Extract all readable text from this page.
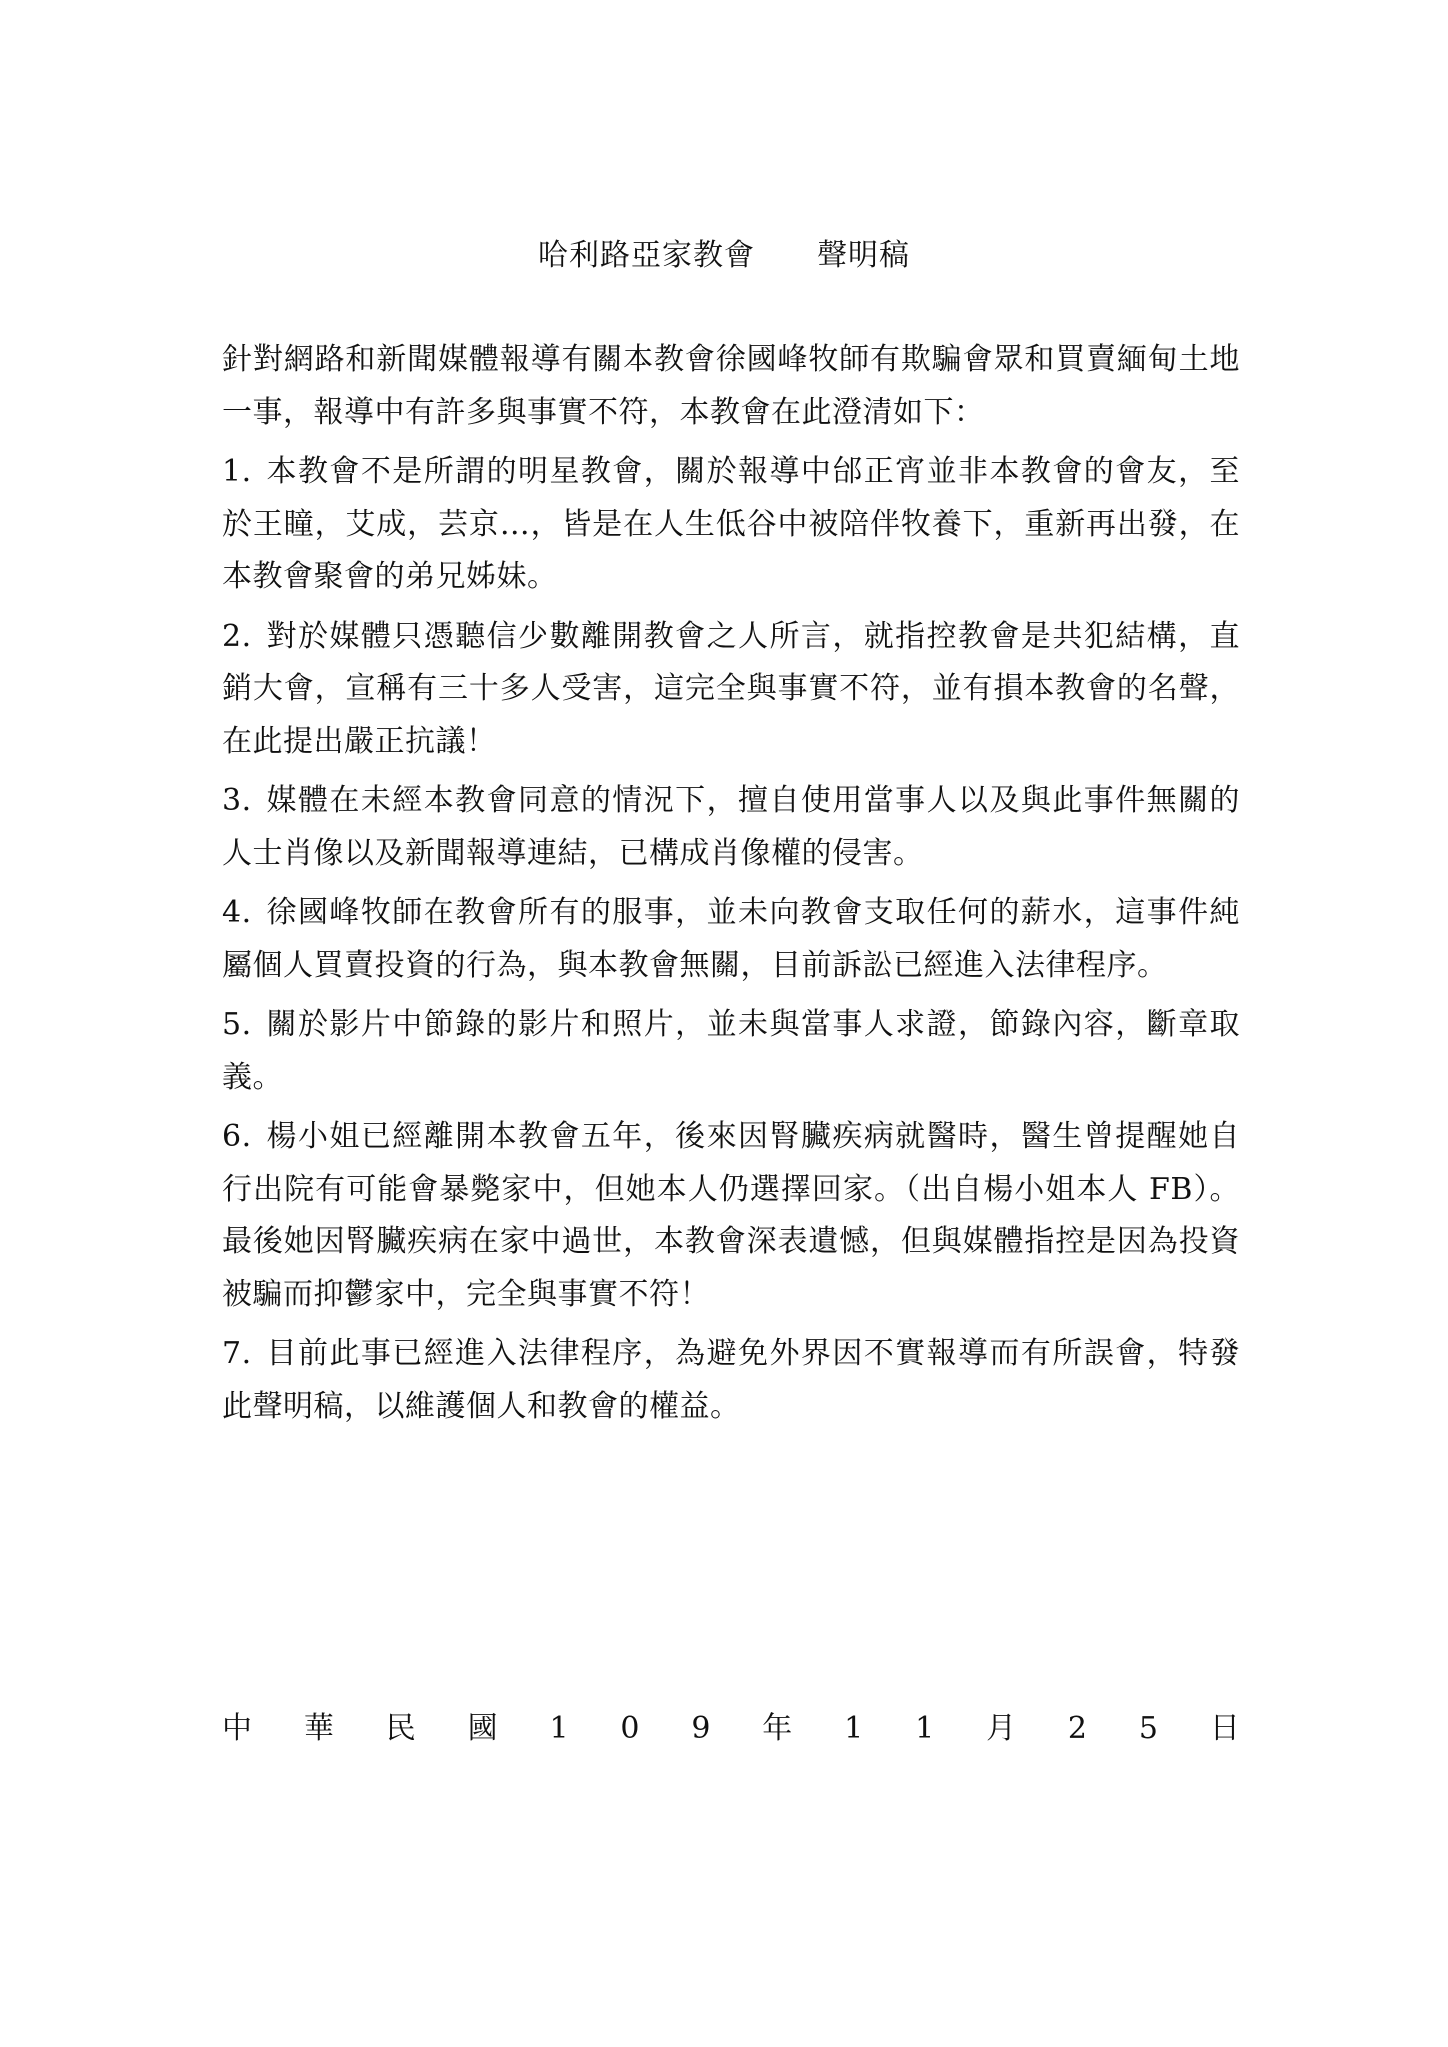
哈利路亞家教會　　聲明稿

針對網路和新聞媒體報導有關本教會徐國峰牧師有欺騙會眾和買賣緬甸土地一事，報導中有許多與事實不符，本教會在此澄清如下：

1. 本教會不是所謂的明星教會，關於報導中邰正宵並非本教會的會友，至於王瞳，艾成，芸京…，皆是在人生低谷中被陪伴牧養下，重新再出發，在本教會聚會的弟兄姊妹。

2. 對於媒體只憑聽信少數離開教會之人所言，就指控教會是共犯結構，直銷大會，宣稱有三十多人受害，這完全與事實不符，並有損本教會的名聲，在此提出嚴正抗議！

3. 媒體在未經本教會同意的情況下，擅自使用當事人以及與此事件無關的人士肖像以及新聞報導連結，已構成肖像權的侵害。

4. 徐國峰牧師在教會所有的服事，並未向教會支取任何的薪水，這事件純屬個人買賣投資的行為，與本教會無關，目前訴訟已經進入法律程序。

5. 關於影片中節錄的影片和照片，並未與當事人求證，節錄內容，斷章取義。

6. 楊小姐已經離開本教會五年，後來因腎臟疾病就醫時，醫生曾提醒她自行出院有可能會暴斃家中，但她本人仍選擇回家。（出自楊小姐本人 FB）。最後她因腎臟疾病在家中過世，本教會深表遺憾，但與媒體指控是因為投資被騙而抑鬱家中，完全與事實不符！

7. 目前此事已經進入法律程序，為避免外界因不實報導而有所誤會，特發此聲明稿，以維護個人和教會的權益。

中 華 民 國 1 0 9 年 1 1 月 2 5 日
